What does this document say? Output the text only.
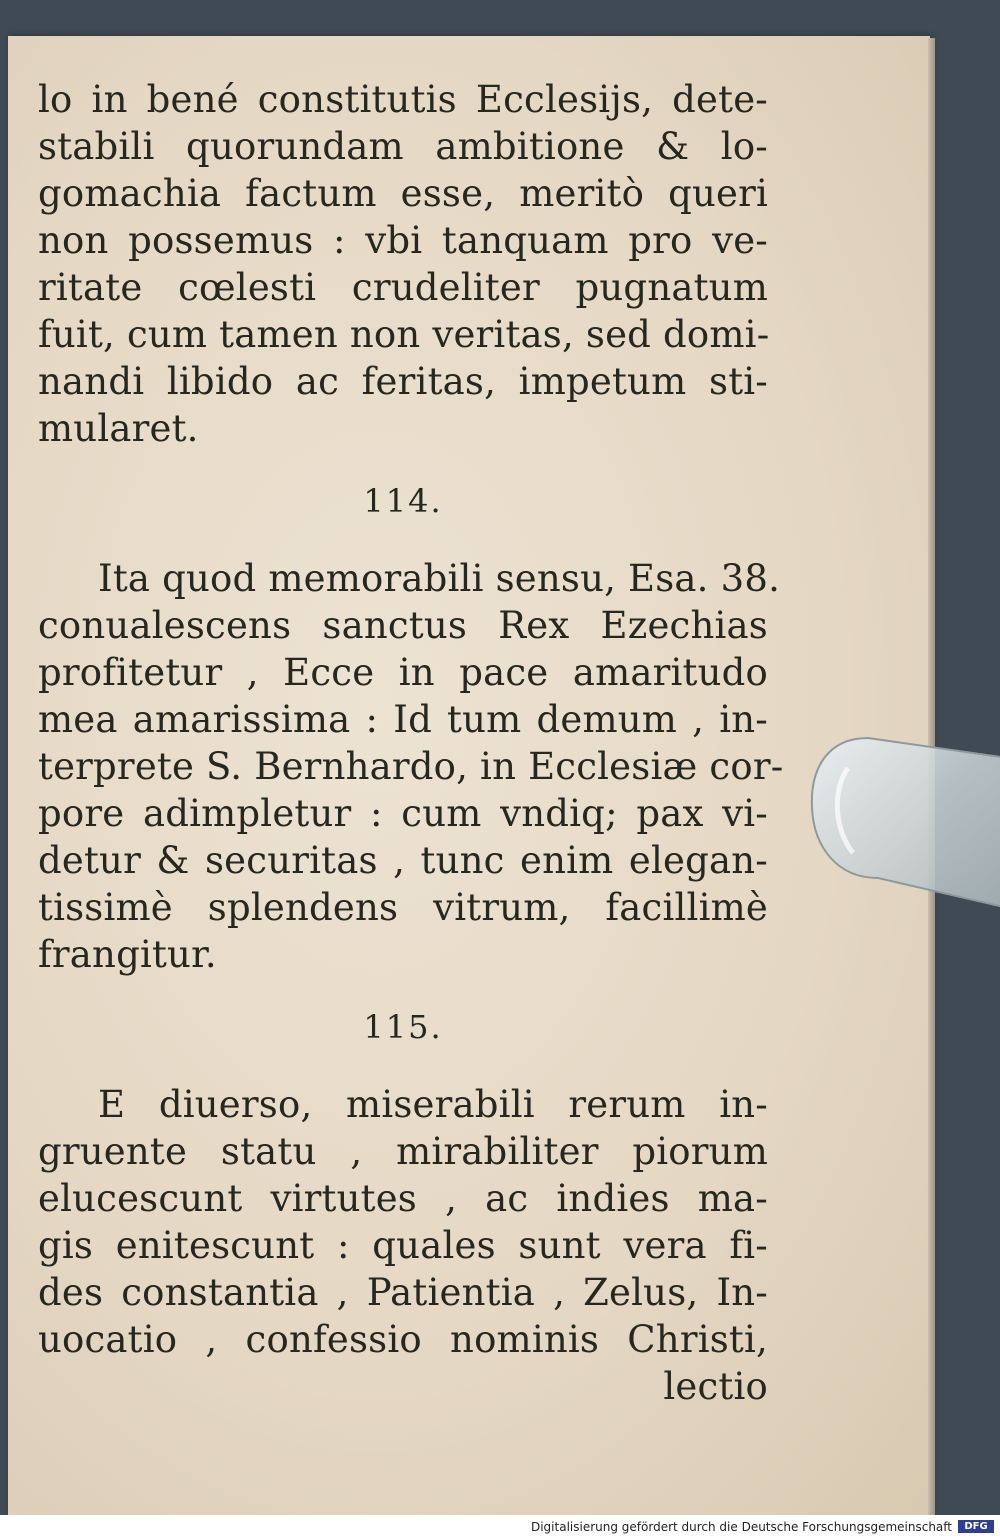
lo in bené constitutis Ecclesijs, dete-
stabili quorundam ambitione & lo-
gomachia factum esse, meritò queri
non possemus : vbi tanquam pro ve-
ritate cœlesti crudeliter pugnatum
fuit, cum tamen non veritas, sed domi-
nandi libido ac feritas, impetum sti-
mularet.
114.
Ita quod memorabili sensu, Esa. 38.
conualescens sanctus Rex Ezechias
profitetur , Ecce in pace amaritudo
mea amarissima : Id tum demum , in-
terprete S. Bernhardo, in Ecclesiæ cor-
pore adimpletur : cum vndiq; pax vi-
detur & securitas , tunc enim elegan-
tissimè splendens vitrum, facillimè
frangitur.
115.
E diuerso, miserabili rerum in-
gruente statu , mirabiliter piorum
elucescunt virtutes , ac indies ma-
gis enitescunt : quales sunt vera fi-
des constantia , Patientia , Zelus, In-
uocatio , confessio nominis Christi,
lectio
Digitalisierung gefördert durch die Deutsche Forschungsgemeinschaft	DFG
